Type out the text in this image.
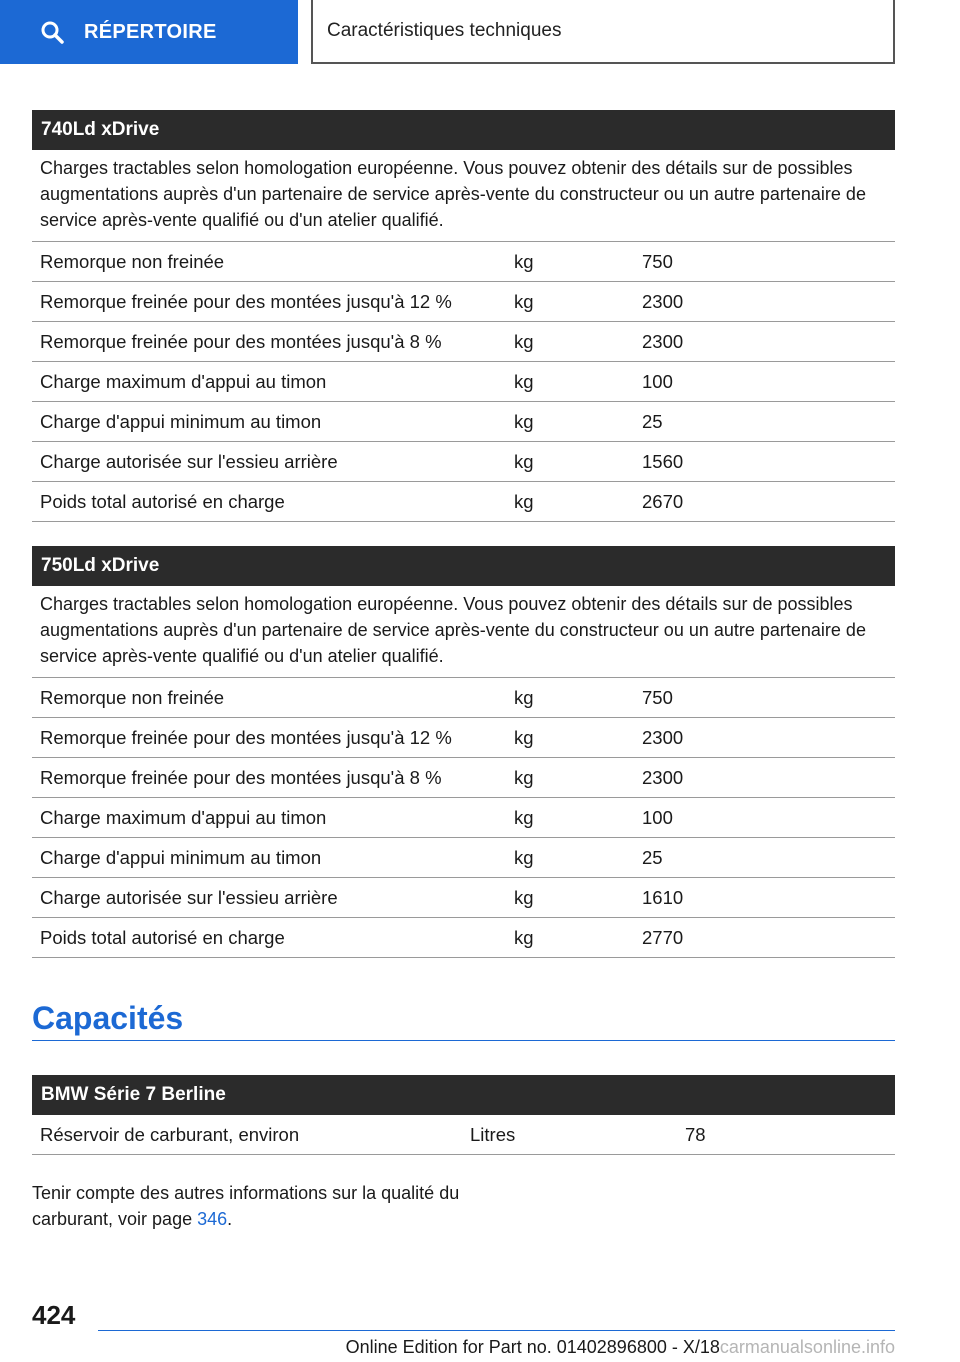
RÉPERTOIRE	Caractéristiques techniques
740Ld xDrive
Charges tractables selon homologation européenne. Vous pouvez obtenir des détails sur de possibles augmentations auprès d'un partenaire de service après-vente du constructeur ou un autre partenaire de service après-vente qualifié ou d'un atelier qualifié.
Remorque non freinée	kg	750
Remorque freinée pour des montées jusqu'à 12 %	kg	2300
Remorque freinée pour des montées jusqu'à 8 %	kg	2300
Charge maximum d'appui au timon	kg	100
Charge d'appui minimum au timon	kg	25
Charge autorisée sur l'essieu arrière	kg	1560
Poids total autorisé en charge	kg	2670
750Ld xDrive
Charges tractables selon homologation européenne. Vous pouvez obtenir des détails sur de possibles augmentations auprès d'un partenaire de service après-vente du constructeur ou un autre partenaire de service après-vente qualifié ou d'un atelier qualifié.
Remorque non freinée	kg	750
Remorque freinée pour des montées jusqu'à 12 %	kg	2300
Remorque freinée pour des montées jusqu'à 8 %	kg	2300
Charge maximum d'appui au timon	kg	100
Charge d'appui minimum au timon	kg	25
Charge autorisée sur l'essieu arrière	kg	1610
Poids total autorisé en charge	kg	2770
Capacités
BMW Série 7 Berline
Réservoir de carburant, environ	Litres	78
Tenir compte des autres informations sur la qualité du carburant, voir page 346.
424
Online Edition for Part no. 01402896800 - X/18 carmanualsonline.info
